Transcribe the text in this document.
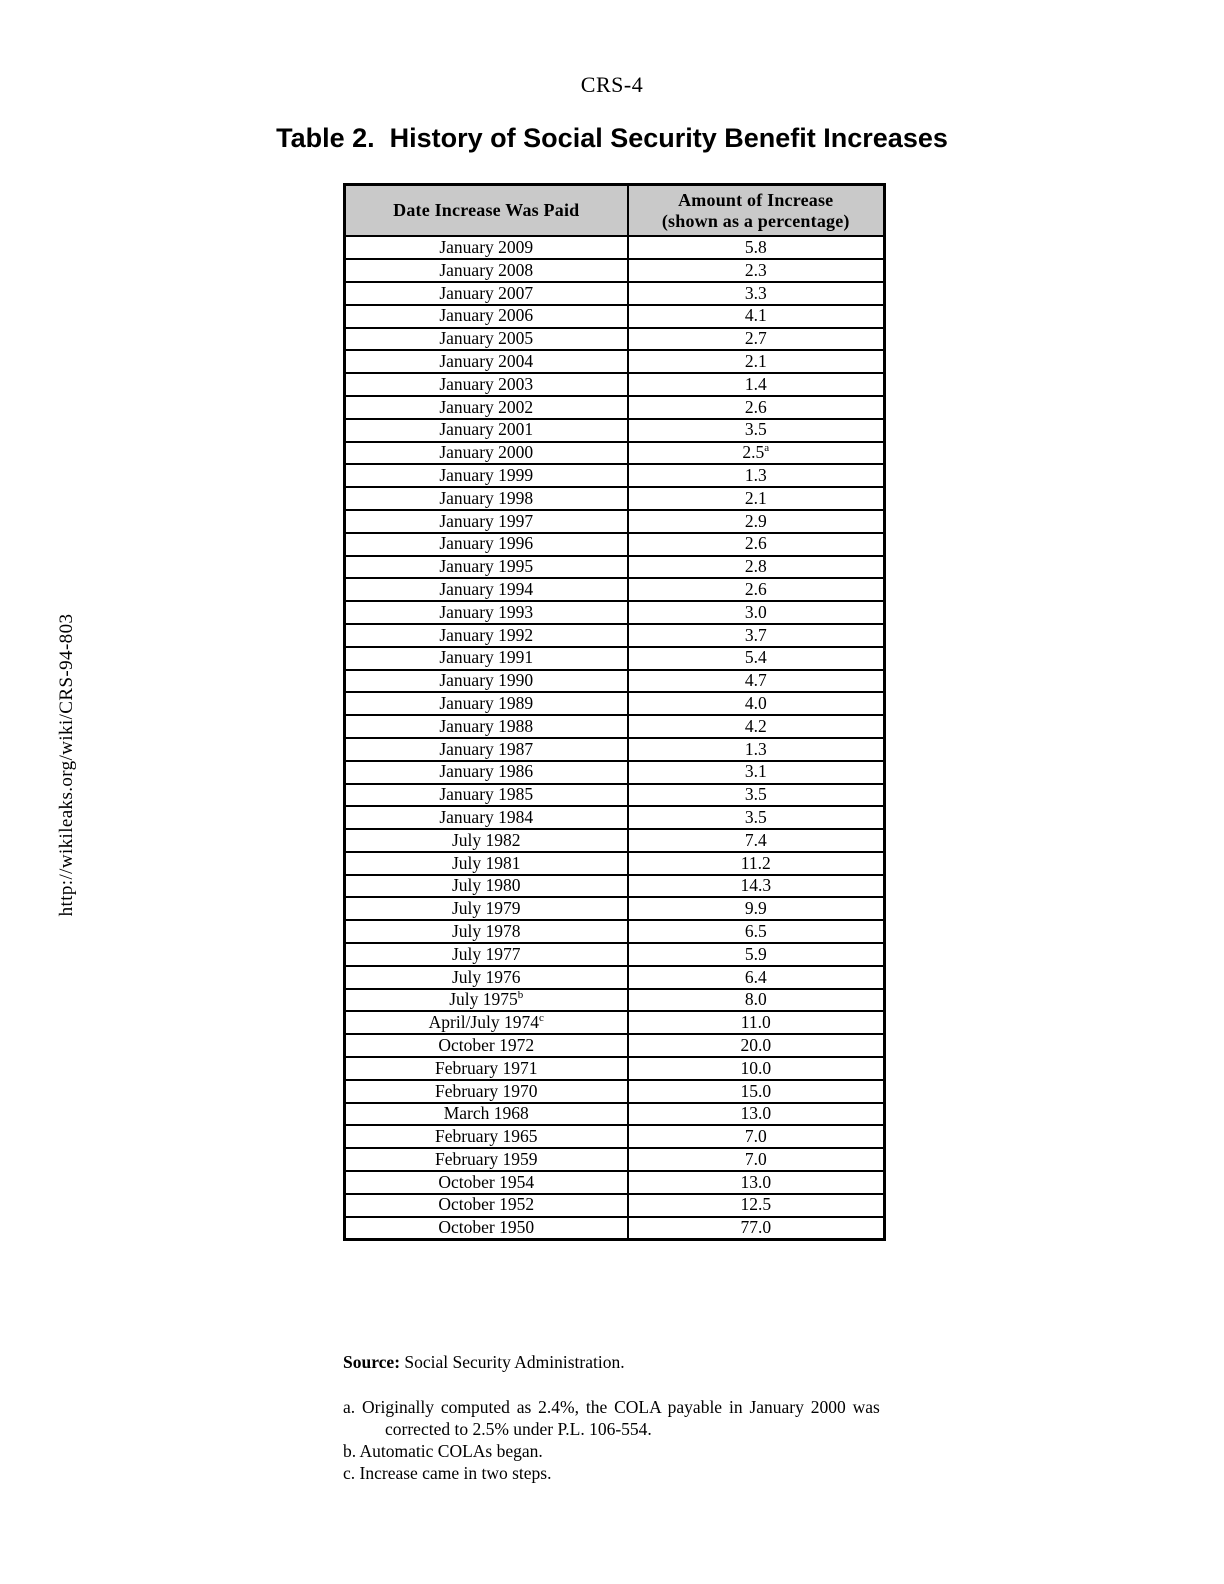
CRS-4
Table 2.  History of Social Security Benefit Increases
http://wikileaks.org/wiki/CRS-94-803
Date Increase Was Paid	Amount of Increase
(shown as a percentage)

January 2009	5.8
January 2008	2.3
January 2007	3.3
January 2006	4.1
January 2005	2.7
January 2004	2.1
January 2003	1.4
January 2002	2.6
January 2001	3.5
January 2000	2.5$^a$
January 1999	1.3
January 1998	2.1
January 1997	2.9
January 1996	2.6
January 1995	2.8
January 1994	2.6
January 1993	3.0
January 1992	3.7
January 1991	5.4
January 1990	4.7
January 1989	4.0
January 1988	4.2
January 1987	1.3
January 1986	3.1
January 1985	3.5
January 1984	3.5
July 1982	7.4
July 1981	11.2
July 1980	14.3
July 1979	9.9
July 1978	6.5
July 1977	5.9
July 1976	6.4
July 1975$^b$	8.0
April/July 1974$^c$	11.0
October 1972	20.0
February 1971	10.0
February 1970	15.0
March 1968	13.0
February 1965	7.0
February 1959	7.0
October 1954	13.0
October 1952	12.5
October 1950	77.0
Source: Social Security Administration.
a. Originally computed as 2.4%, the COLA payable in January 2000 was
corrected to 2.5% under P.L. 106-554.
b. Automatic COLAs began.
c. Increase came in two steps.
